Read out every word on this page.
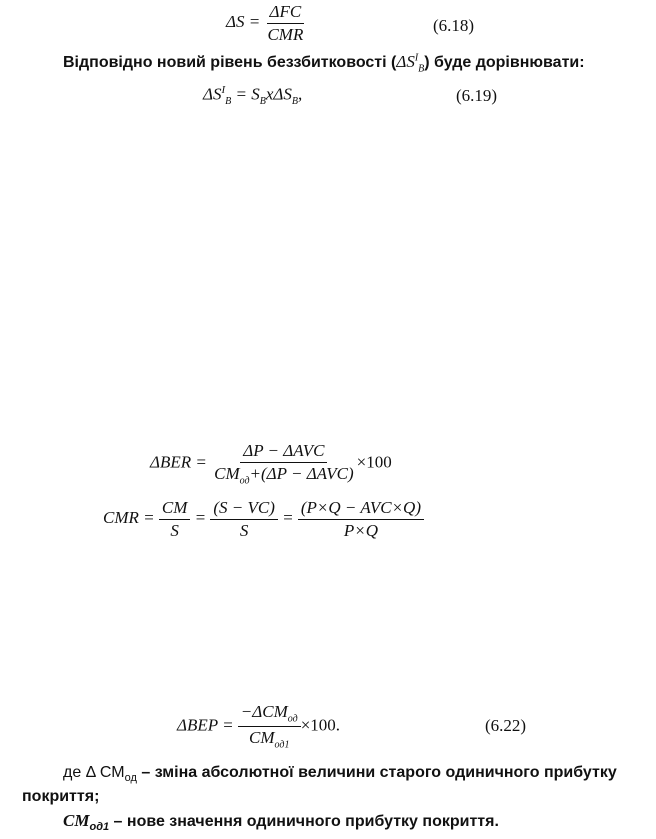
$\Delta S = \frac{\text{ΔFC}}{\text{CMR}}$	(6.18)
Відповідно новий рівень беззбитковості $(\Delta S^I_B)$ буде дорівнювати:
$\Delta S^I_B = S_Bx\Delta S_B$,	(6.19)
$\Delta BER = \frac{\text{ΔP − ΔAVC}}{CM_{од}+(\Delta P - \Delta AVC)} \times 100$
CMR = $\frac{CM}{S} = \frac{(S - VC)}{S} = \frac{\text{(P×Q − AVC×Q)}}{P\times Q}$
$\Delta BEP = \frac{-\Delta CM_{од}}{CM_{од1}} \times 100$.	(6.22)
де Δ $СМ_{од}$ – зміна абсолютної величини старого одиничного прибутку
покриття;
$СМ_{од1}$ – нове значення одиничного прибутку покриття.
